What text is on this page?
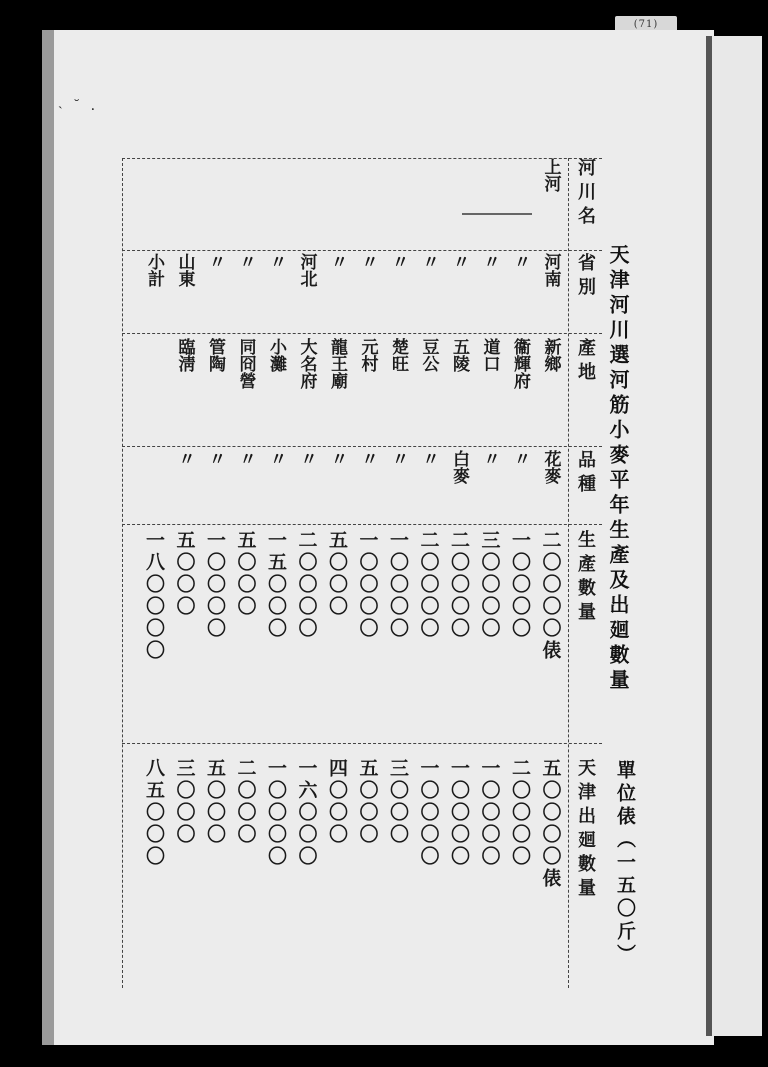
(71)
˴ ˘ .
天津河川選河筋小麥平年生產及出廻數量
單位俵（一五〇斤）
河川名
省別
產地
品種
生產數量
天津出廻數量
上河
河南
新鄉
花麥
二〇〇〇〇俵
五〇〇〇〇俵
〃
衞輝府
〃
一〇〇〇〇
二〇〇〇〇
〃
道口
〃
三〇〇〇〇
一〇〇〇〇
〃
五陵
白麥
二〇〇〇〇
一〇〇〇〇
〃
豆公
〃
二〇〇〇〇
一〇〇〇〇
〃
楚旺
〃
一〇〇〇〇
三〇〇〇
〃
元村
〃
一〇〇〇〇
五〇〇〇
〃
龍王廟
〃
五〇〇〇
四〇〇〇
河北
大名府
〃
二〇〇〇〇
一六〇〇〇
〃
小灘
〃
一五〇〇〇
一〇〇〇〇
〃
同冏營
〃
五〇〇〇
二〇〇〇
〃
管陶
〃
一〇〇〇〇
五〇〇〇
山東
臨淸
〃
五〇〇〇
三〇〇〇
小計
一八〇〇〇〇
八五〇〇〇
